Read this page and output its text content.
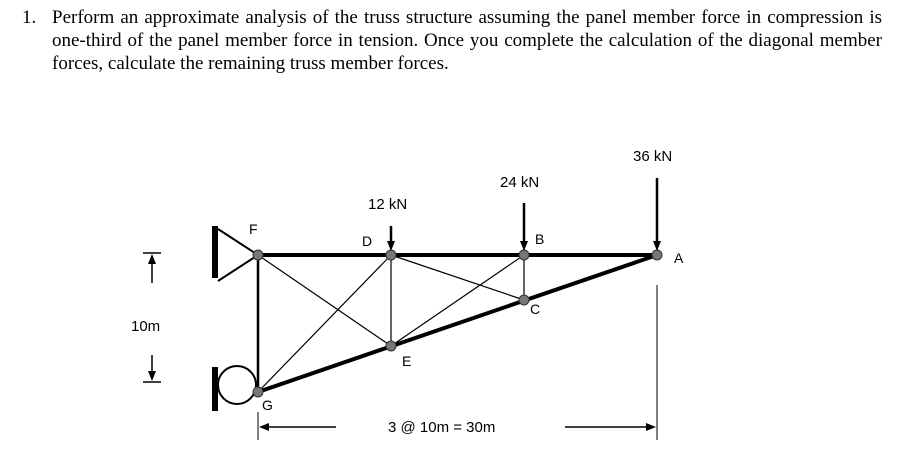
1. Perform an approximate analysis of the truss structure assuming the panel member force in compression is one-third of the panel member force in tension. Once you complete the calculation of the diagonal member forces, calculate the remaining truss member forces.
12 kN
24 kN
36 kN
F
D	B
A
C
E
G
10m
3 @ 10m = 30m
